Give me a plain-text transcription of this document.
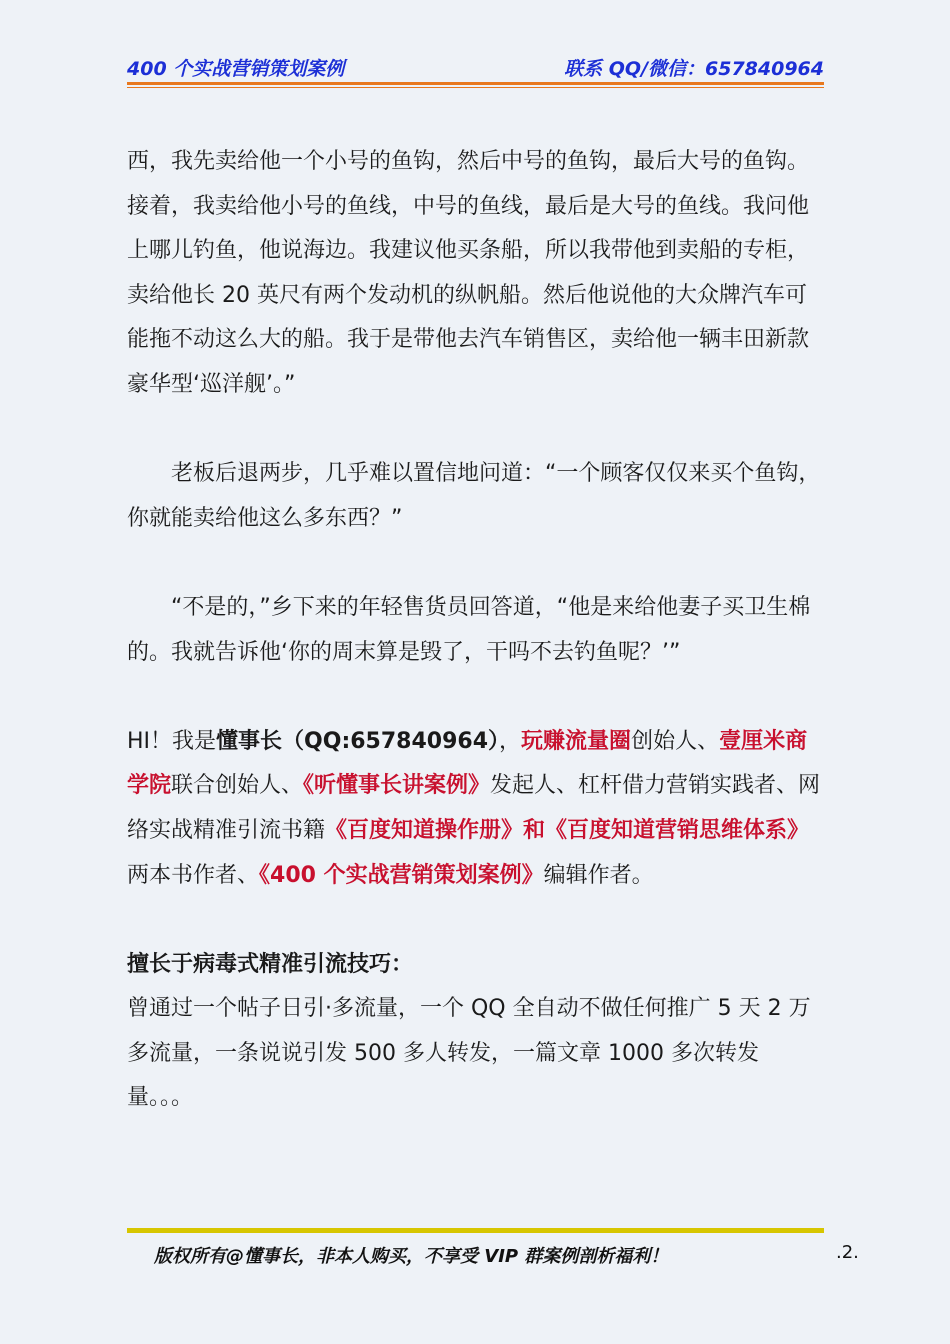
400 个实战营销策划案例	联系 QQ/微信：657840964

西，我先卖给他一个小号的鱼钩，然后中号的鱼钩，最后大号的鱼钩。接着，我卖给他小号的鱼线，中号的鱼线，最后是大号的鱼线。我问他上哪儿钓鱼，他说海边。我建议他买条船，所以我带他到卖船的专柜，卖给他长 20 英尺有两个发动机的纵帆船。然后他说他的大众牌汽车可能拖不动这么大的船。我于是带他去汽车销售区，卖给他一辆丰田新款豪华型‘巡洋舰’。”

老板后退两步，几乎难以置信地问道：“一个顾客仅仅来买个鱼钩，你就能卖给他这么多东西？”

“不是的，”乡下来的年轻售货员回答道，“他是来给他妻子买卫生棉的。我就告诉他‘你的周末算是毁了，干吗不去钓鱼呢？’”

HI！我是懂事长（QQ:657840964），玩赚流量圈创始人、壹厘米商学院联合创始人、《听懂事长讲案例》发起人、杠杆借力营销实践者、网络实战精准引流书籍《百度知道操作册》和《百度知道营销思维体系》两本书作者、《400 个实战营销策划案例》编辑作者。

擅长于病毒式精准引流技巧：

曾通过一个帖子日引·多流量，一个 QQ 全自动不做任何推广 5 天 2 万多流量，一条说说引发 500 多人转发，一篇文章 1000 多次转发量。。。

版权所有@懂事长，非本人购买，不享受 VIP 群案例剖析福利！	.2.
